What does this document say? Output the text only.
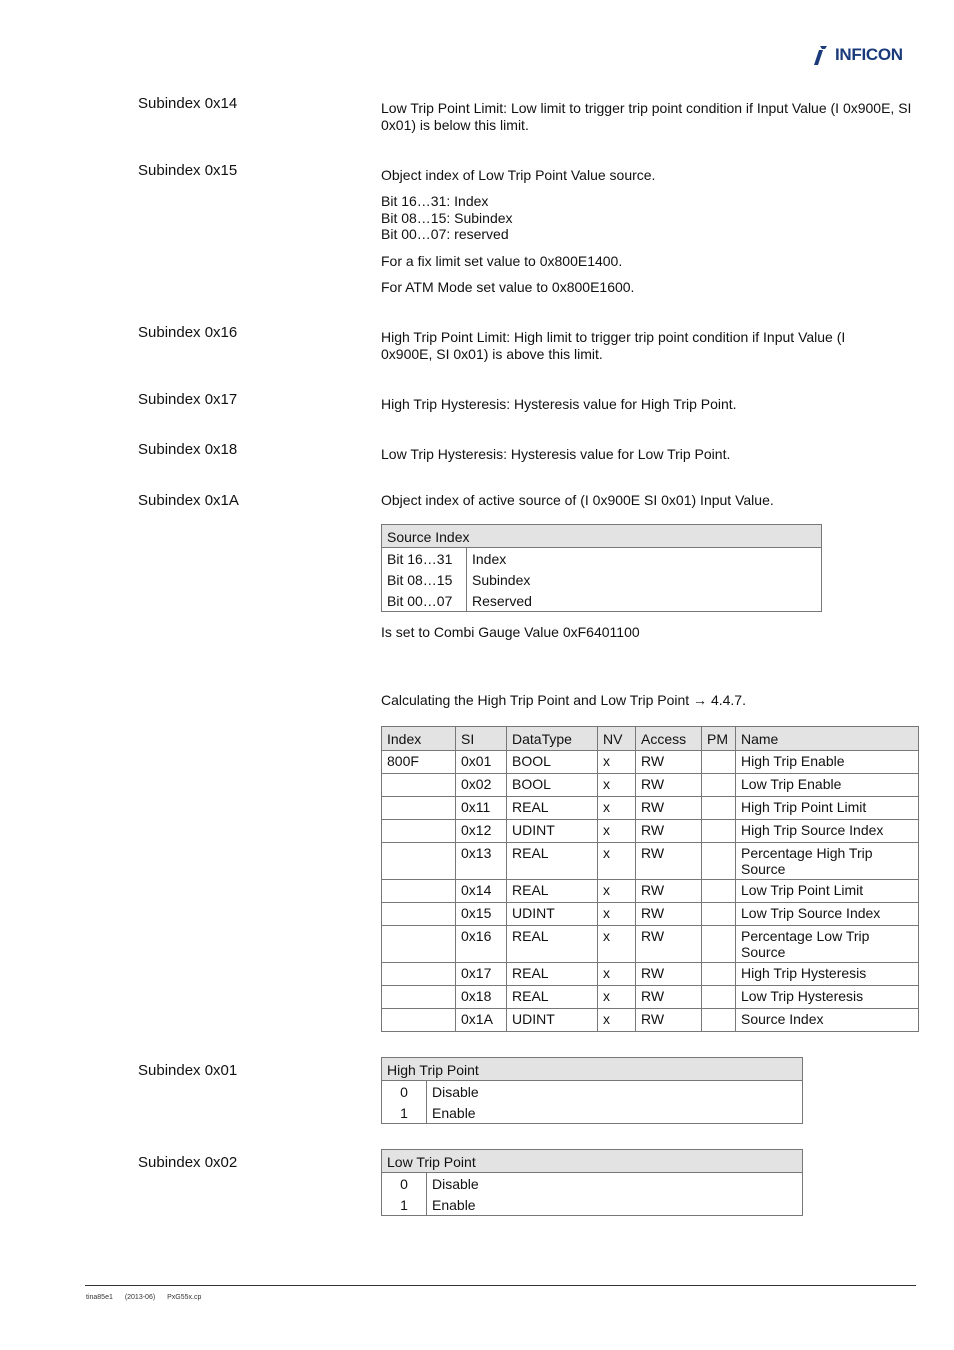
INFICON
Subindex 0x14	Low Trip Point Limit: Low limit to trigger trip point condition if Input Value (I 0x900E, SI 0x01) is below this limit.

Subindex 0x15	Object index of Low Trip Point Value source.

Bit 16…31: Index

Bit 08…15: Subindex

Bit 00…07: reserved

For a fix limit set value to 0x800E1400.

For ATM Mode set value to 0x800E1600.

Subindex 0x16	High Trip Point Limit: High limit to trigger trip point condition if Input Value (I 0x900E, SI 0x01) is above this limit.

Subindex 0x17	High Trip Hysteresis: Hysteresis value for High Trip Point.

Subindex 0x18	Low Trip Hysteresis: Hysteresis value for Low Trip Point.

Subindex 0x1A	Object index of active source of (I 0x900E SI 0x01) Input Value.

Source Index	
Bit 16…31	Index
Bit 08…15	Subindex
Bit 00…07	Reserved

Is set to Combi Gauge Value 0xF6401100

Calculating the High Trip Point and Low Trip Point → 4.4.7.

Index	SI	DataType	NV	Access	PM	Name
800F	0x01	BOOL	x	RW		High Trip Enable
	0x02	BOOL	x	RW		Low Trip Enable
	0x11	REAL	x	RW		High Trip Point Limit
	0x12	UDINT	x	RW		High Trip Source Index
	0x13	REAL	x	RW		Percentage High Trip Source
	0x14	REAL	x	RW		Low Trip Point Limit
	0x15	UDINT	x	RW		Low Trip Source Index
	0x16	REAL	x	RW		Percentage Low Trip Source
	0x17	REAL	x	RW		High Trip Hysteresis
	0x18	REAL	x	RW		Low Trip Hysteresis
	0x1A	UDINT	x	RW		Source Index
Subindex 0x01	High Trip Point	
0	Disable
1	Enable
Subindex 0x02	Low Trip Point	
0	Disable
1	Enable
tina85e1 (2013-06) PxG55x.cp
